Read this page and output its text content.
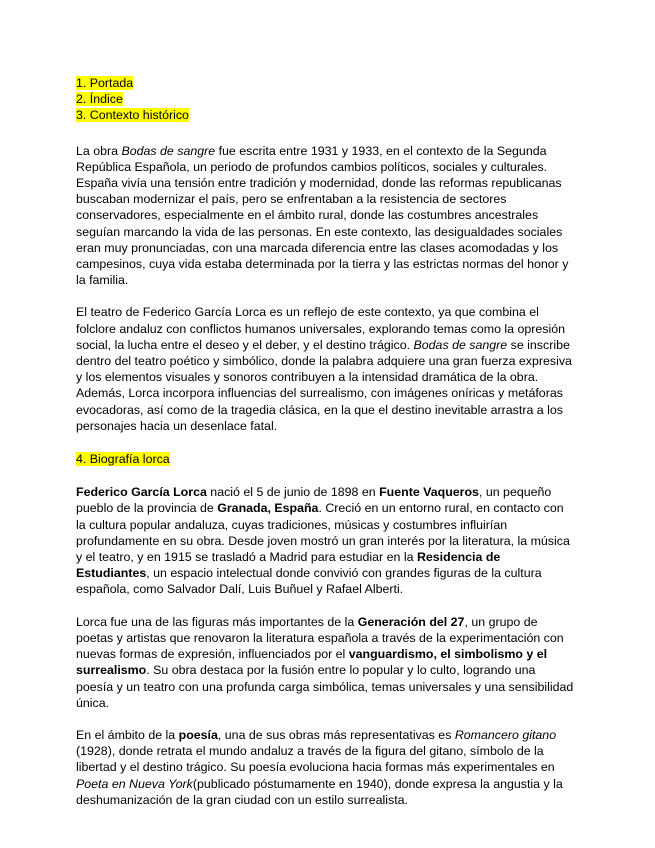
1. Portada
2. Índice
3. Contexto histórico

La obra Bodas de sangre fue escrita entre 1931 y 1933, en el contexto de la Segunda República Española, un periodo de profundos cambios políticos, sociales y culturales. España vivía una tensión entre tradición y modernidad, donde las reformas republicanas buscaban modernizar el país, pero se enfrentaban a la resistencia de sectores conservadores, especialmente en el ámbito rural, donde las costumbres ancestrales seguían marcando la vida de las personas. En este contexto, las desigualdades sociales eran muy pronunciadas, con una marcada diferencia entre las clases acomodadas y los campesinos, cuya vida estaba determinada por la tierra y las estrictas normas del honor y la familia.

El teatro de Federico García Lorca es un reflejo de este contexto, ya que combina el folclore andaluz con conflictos humanos universales, explorando temas como la opresión social, la lucha entre el deseo y el deber, y el destino trágico. Bodas de sangre se inscribe dentro del teatro poético y simbólico, donde la palabra adquiere una gran fuerza expresiva y los elementos visuales y sonoros contribuyen a la intensidad dramática de la obra. Además, Lorca incorpora influencias del surrealismo, con imágenes oníricas y metáforas evocadoras, así como de la tragedia clásica, en la que el destino inevitable arrastra a los personajes hacia un desenlace fatal.

4. Biografía lorca

Federico García Lorca nació el 5 de junio de 1898 en Fuente Vaqueros, un pequeño pueblo de la provincia de Granada, España. Creció en un entorno rural, en contacto con la cultura popular andaluza, cuyas tradiciones, músicas y costumbres influirían profundamente en su obra. Desde joven mostró un gran interés por la literatura, la música y el teatro, y en 1915 se trasladó a Madrid para estudiar en la Residencia de Estudiantes, un espacio intelectual donde convivió con grandes figuras de la cultura española, como Salvador Dalí, Luis Buñuel y Rafael Alberti.

Lorca fue una de las figuras más importantes de la Generación del 27, un grupo de poetas y artistas que renovaron la literatura española a través de la experimentación con nuevas formas de expresión, influenciados por el vanguardismo, el simbolismo y el surrealismo. Su obra destaca por la fusión entre lo popular y lo culto, logrando una poesía y un teatro con una profunda carga simbólica, temas universales y una sensibilidad única.

En el ámbito de la poesía, una de sus obras más representativas es Romancero gitano (1928), donde retrata el mundo andaluz a través de la figura del gitano, símbolo de la libertad y el destino trágico. Su poesía evoluciona hacia formas más experimentales en Poeta en Nueva York(publicado póstumamente en 1940), donde expresa la angustia y la deshumanización de la gran ciudad con un estilo surrealista.
